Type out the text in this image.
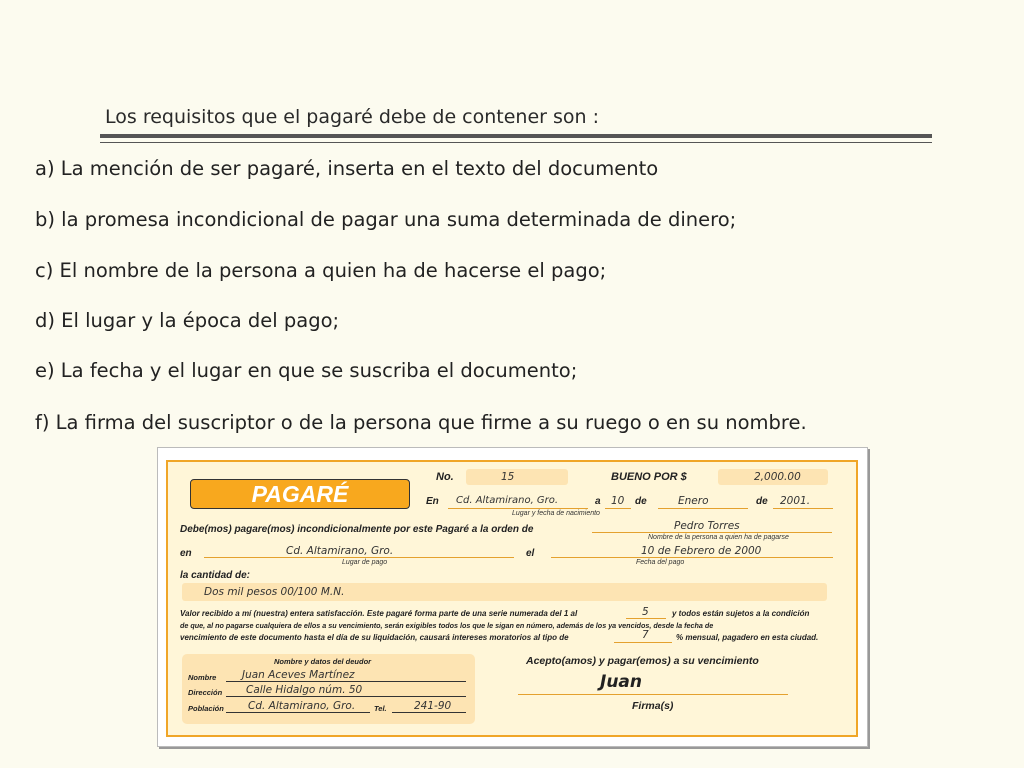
Los requisitos que el pagaré debe de contener son :
a) La mención de ser pagaré, inserta en el texto del documento
b) la promesa incondicional de pagar una suma determinada de dinero;
c) El nombre de la persona a quien ha de hacerse el pago;
d) El lugar y la época del pago;
e) La fecha y el lugar en que se suscriba el documento;
f) La firma del suscriptor o de la persona que firme a su ruego o en su nombre.
PAGARÉ
No.	15	BUENO POR $	2,000.00
En Cd. Altamirano, Gro.	a 10 de	Enero	de 2001.
Lugar y fecha de nacimiento
Debe(mos) pagare(mos) incondicionalmente por este Pagaré a la orden de	Pedro Torres
Nombre de la persona a quien ha de pagarse
en	Cd. Altamirano, Gro.	el	10 de Febrero de 2000
Lugar de pago	Fecha del pago
la cantidad de:
Dos mil pesos 00/100 M.N.
Valor recibido a mí (nuestra) entera satisfacción. Este pagaré forma parte de una serie numerada del 1 al	5	y todos están sujetos a la condición
de que, al no pagarse cualquiera de ellos a su vencimiento, serán exigibles todos los que le sigan en número, además de los ya vencidos, desde la fecha de
vencimiento de este documento hasta el día de su liquidación, causará intereses moratorios al tipo de	7	% mensual, pagadero en esta ciudad.
Nombre y datos del deudor
Nombre Juan Aceves Martínez
Dirección Calle Hidalgo núm. 50
Población Cd. Altamirano, Gro.	Tel.	241-90
Acepto(amos) y pagar(emos) a su vencimiento
Juan
Firma(s)
